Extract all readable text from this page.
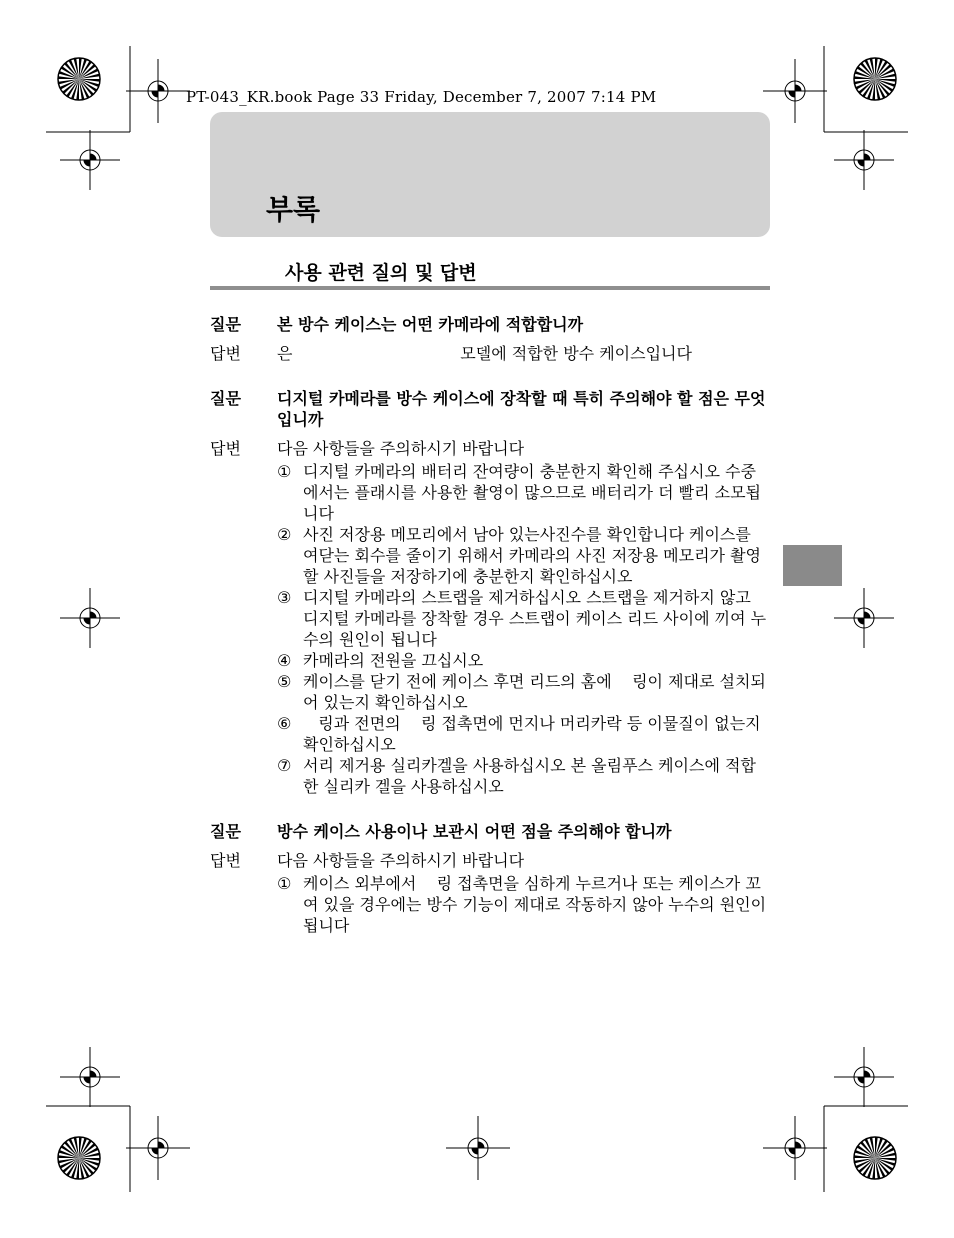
PT-043_KR.book Page 33 Friday, December 7, 2007 7:14 PM
부록
사용 관련 질의 및 답변
질문	본 방수 케이스는 어떤 카메라에 적합합니까
답변	은                                 모델에 적합한 방수 케이스입니다
질문	디지털 카메라를 방수 케이스에 장착할 때 특히 주의해야 할 점은 무엇입니까
답변	다음 사항들을 주의하시기 바랍니다
① 디지털 카메라의 배터리 잔여량이 충분한지 확인해 주십시오 수중에서는 플래시를 사용한 촬영이 많으므로 배터리가 더 빨리 소모됩니다
② 사진 저장용 메모리에서 남아 있는사진수를 확인합니다 케이스를 여닫는 회수를 줄이기 위해서 카메라의 사진 저장용 메모리가 촬영할 사진들을 저장하기에 충분한지 확인하십시오
③ 디지털 카메라의 스트랩을 제거하십시오 스트랩을 제거하지 않고 디지털 카메라를 장착할 경우 스트랩이 케이스 리드 사이에 끼여 누수의 원인이 됩니다
④ 카메라의 전원을 끄십시오
⑤ 케이스를 닫기 전에 케이스 후면 리드의 홈에    링이 제대로 설치되어 있는지 확인하십시오
⑥ 링과 전면의    링 접촉면에 먼지나 머리카락 등 이물질이 없는지 확인하십시오
⑦ 서리 제거용 실리카겔을 사용하십시오 본 올림푸스 케이스에 적합한 실리카 겔을 사용하십시오
질문	방수 케이스 사용이나 보관시 어떤 점을 주의해야 합니까
답변	다음 사항들을 주의하시기 바랍니다
① 케이스 외부에서    링 접촉면을 심하게 누르거나 또는 케이스가 꼬여 있을 경우에는 방수 기능이 제대로 작동하지 않아 누수의 원인이 됩니다
